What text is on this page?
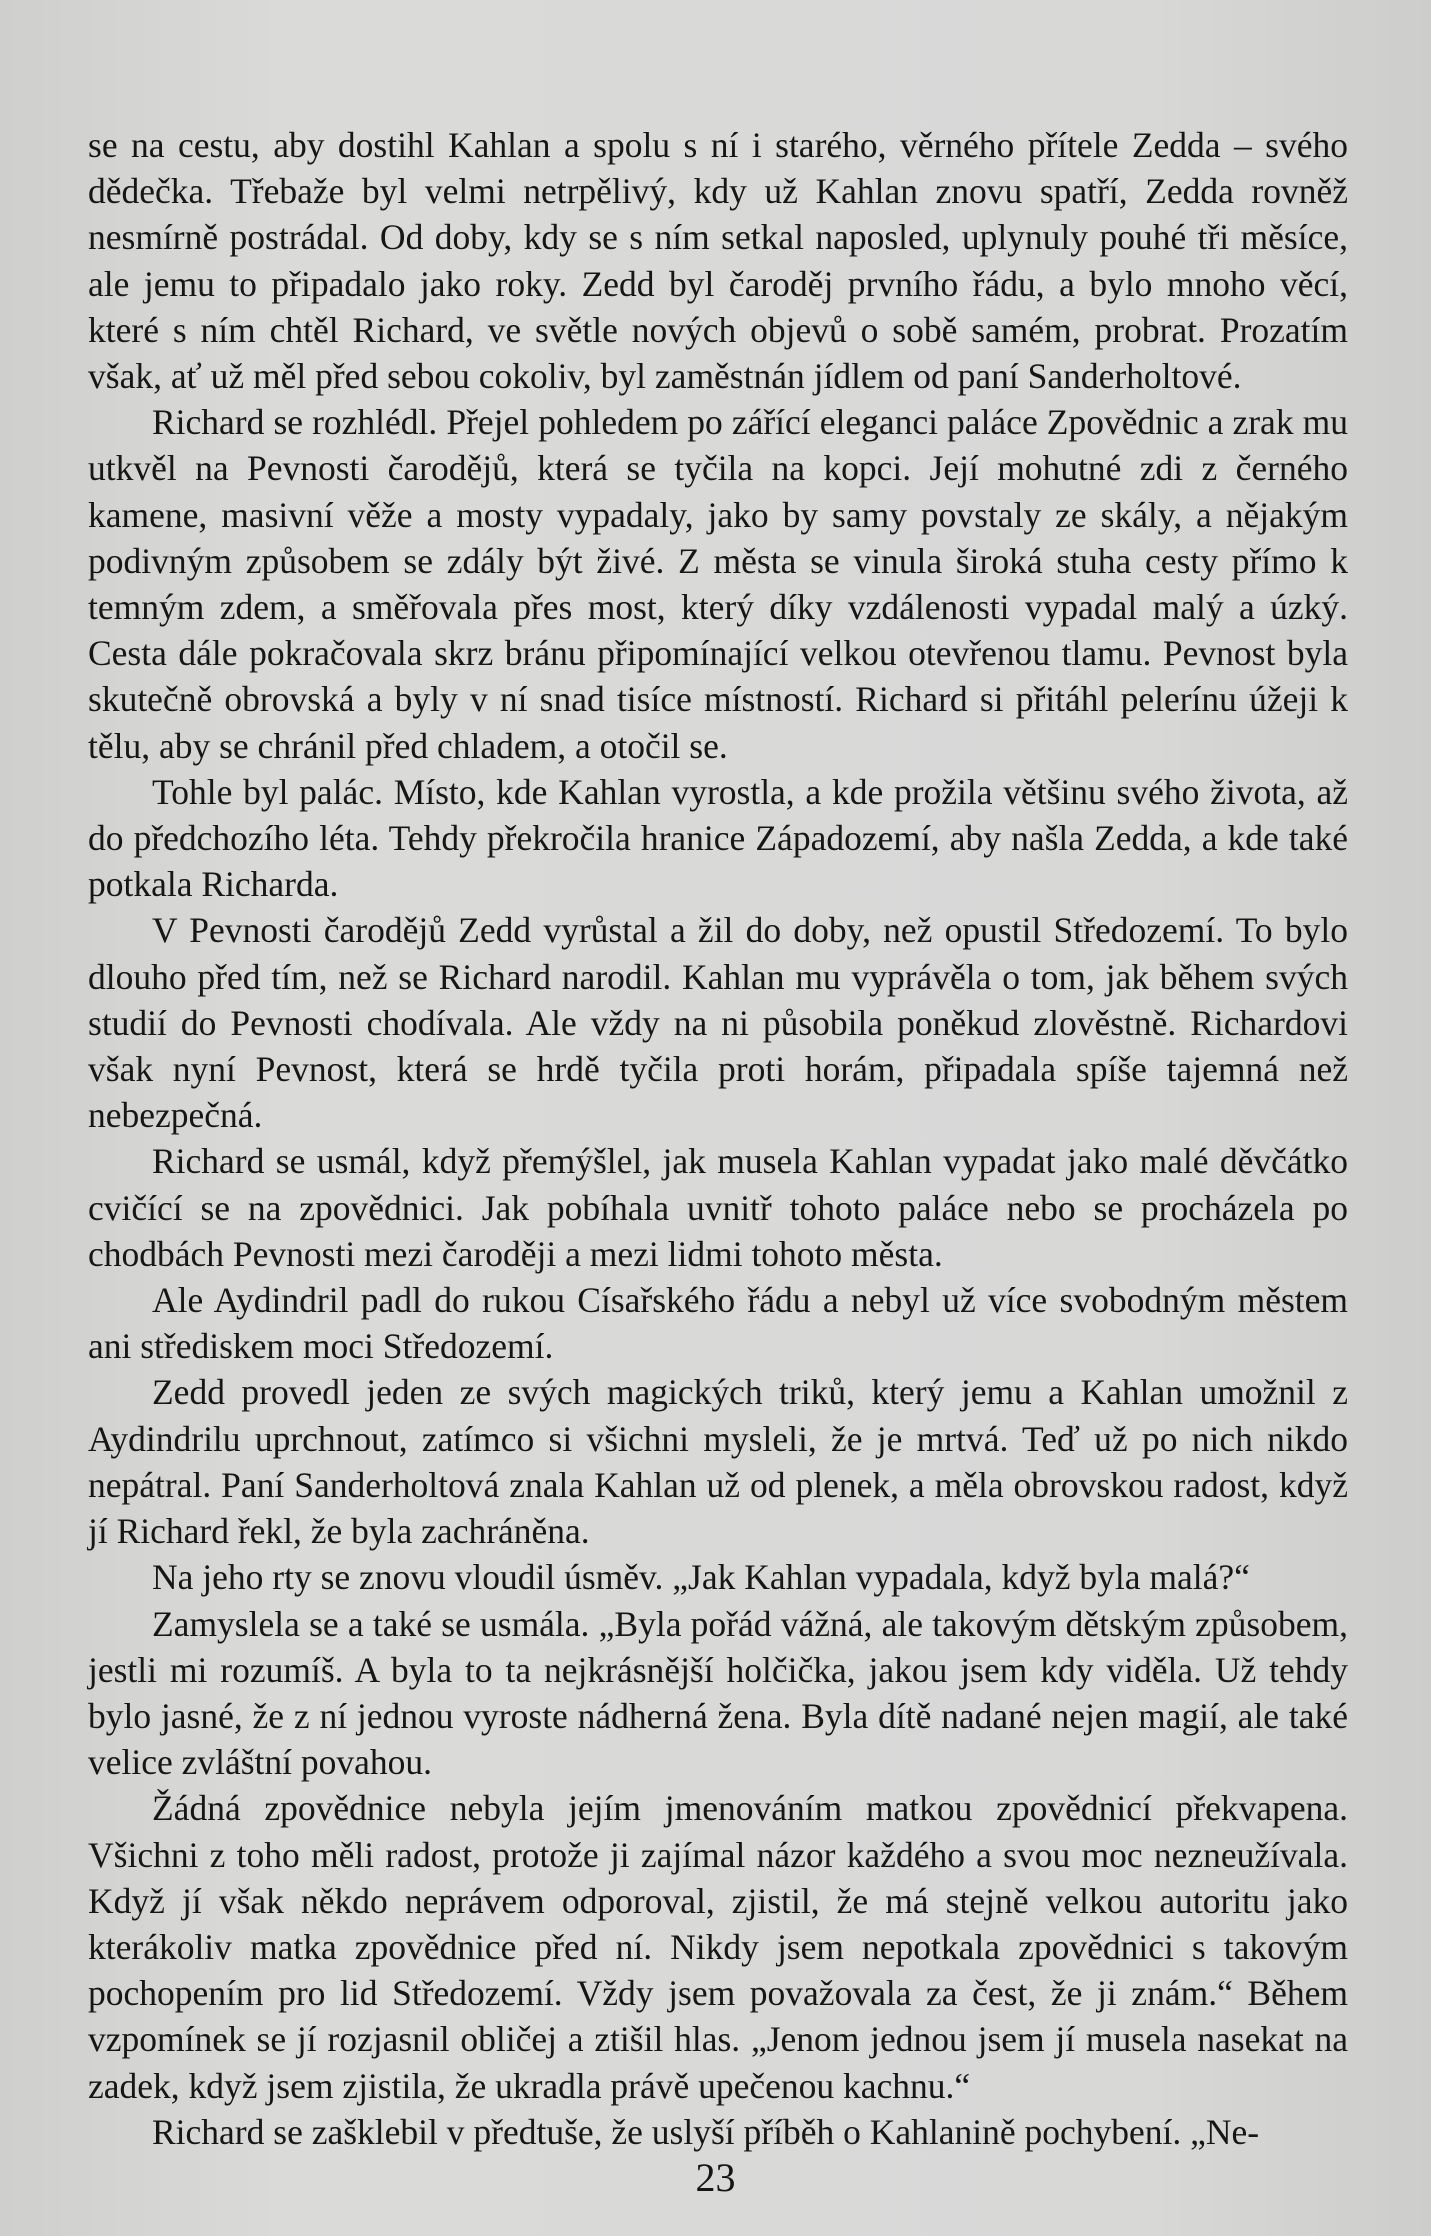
se na cestu, aby dostihl Kahlan a spolu s ní i starého, věrného přítele Zedda – svého dědečka. Třebaže byl velmi netrpělivý, kdy už Kahlan znovu spatří, Zedda rovněž nesmírně postrádal. Od doby, kdy se s ním setkal naposled, uplynuly pouhé tři měsíce, ale jemu to připadalo jako roky. Zedd byl čaroděj prvního řádu, a bylo mnoho věcí, které s ním chtěl Richard, ve světle nových objevů o sobě samém, probrat. Prozatím však, ať už měl před sebou cokoliv, byl zaměstnán jídlem od paní Sanderholtové.

Richard se rozhlédl. Přejel pohledem po zářící eleganci paláce Zpovědnic a zrak mu utkvěl na Pevnosti čarodějů, která se tyčila na kopci. Její mohutné zdi z černého kamene, masivní věže a mosty vypadaly, jako by samy povstaly ze skály, a nějakým podivným způsobem se zdály být živé. Z města se vinula široká stuha cesty přímo k temným zdem, a směřovala přes most, který díky vzdálenosti vypadal malý a úzký. Cesta dále pokračovala skrz bránu připomínající velkou otevřenou tlamu. Pevnost byla skutečně obrovská a byly v ní snad tisíce místností. Richard si přitáhl pelerínu úžeji k tělu, aby se chránil před chladem, a otočil se.

Tohle byl palác. Místo, kde Kahlan vyrostla, a kde prožila většinu svého života, až do předchozího léta. Tehdy překročila hranice Západozemí, aby našla Zedda, a kde také potkala Richarda.

V Pevnosti čarodějů Zedd vyrůstal a žil do doby, než opustil Středozemí. To bylo dlouho před tím, než se Richard narodil. Kahlan mu vyprávěla o tom, jak během svých studií do Pevnosti chodívala. Ale vždy na ni působila poněkud zlověstně. Richardovi však nyní Pevnost, která se hrdě tyčila proti horám, připadala spíše tajemná než nebezpečná.

Richard se usmál, když přemýšlel, jak musela Kahlan vypadat jako malé děvčátko cvičící se na zpovědnici. Jak pobíhala uvnitř tohoto paláce nebo se procházela po chodbách Pevnosti mezi čaroději a mezi lidmi tohoto města.

Ale Aydindril padl do rukou Císařského řádu a nebyl už více svobodným městem ani střediskem moci Středozemí.

Zedd provedl jeden ze svých magických triků, který jemu a Kahlan umožnil z Aydindrilu uprchnout, zatímco si všichni mysleli, že je mrtvá. Teď už po nich nikdo nepátral. Paní Sanderholtová znala Kahlan už od plenek, a měla obrovskou radost, když jí Richard řekl, že byla zachráněna.

Na jeho rty se znovu vloudil úsměv. „Jak Kahlan vypadala, když byla malá?“

Zamyslela se a také se usmála. „Byla pořád vážná, ale takovým dětským způsobem, jestli mi rozumíš. A byla to ta nejkrásnější holčička, jakou jsem kdy viděla. Už tehdy bylo jasné, že z ní jednou vyroste nádherná žena. Byla dítě nadané nejen magií, ale také velice zvláštní povahou.

Žádná zpovědnice nebyla jejím jmenováním matkou zpovědnicí překvapena. Všichni z toho měli radost, protože ji zajímal názor každého a svou moc nezneužívala. Když jí však někdo neprávem odporoval, zjistil, že má stejně velkou autoritu jako kterákoliv matka zpovědnice před ní. Nikdy jsem nepotkala zpovědnici s takovým pochopením pro lid Středozemí. Vždy jsem považovala za čest, že ji znám.“ Během vzpomínek se jí rozjasnil obličej a ztišil hlas. „Jenom jednou jsem jí musela nasekat na zadek, když jsem zjistila, že ukradla právě upečenou kachnu.“

Richard se zašklebil v předtuše, že uslyší příběh o Kahlanině pochybení. „Ne-

23
